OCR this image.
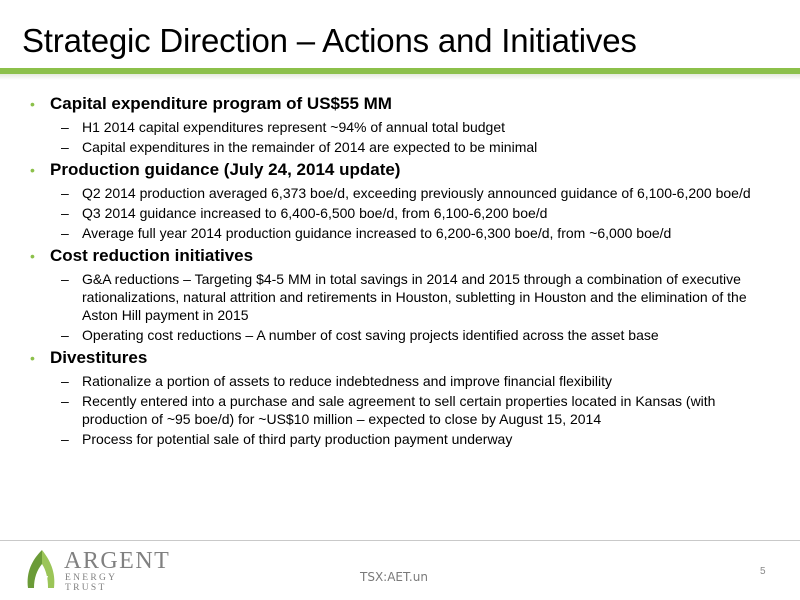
Strategic Direction – Actions and Initiatives
• Capital expenditure program of US$55 MM
– H1 2014 capital expenditures represent ~94% of annual total budget
– Capital expenditures in the remainder of 2014 are expected to be minimal
• Production guidance (July 24, 2014 update)
– Q2 2014 production averaged 6,373 boe/d, exceeding previously announced guidance of 6,100-6,200 boe/d
– Q3 2014 guidance increased to 6,400-6,500 boe/d, from 6,100-6,200 boe/d
– Average full year 2014 production guidance increased to 6,200-6,300 boe/d, from ~6,000 boe/d
• Cost reduction initiatives
– G&A reductions – Targeting $4-5 MM in total savings in 2014 and 2015 through a combination of executive rationalizations, natural attrition and retirements in Houston, subletting in Houston and the elimination of the Aston Hill payment in 2015
– Operating cost reductions – A number of cost saving projects identified across the asset base
• Divestitures
– Rationalize a portion of assets to reduce indebtedness and improve financial flexibility
– Recently entered into a purchase and sale agreement to sell certain properties located in Kansas (with production of ~95 boe/d) for ~US$10 million – expected to close by August 15, 2014
– Process for potential sale of third party production payment underway
ARGENT
ENERGY TRUST
TSX:AET.un	5
